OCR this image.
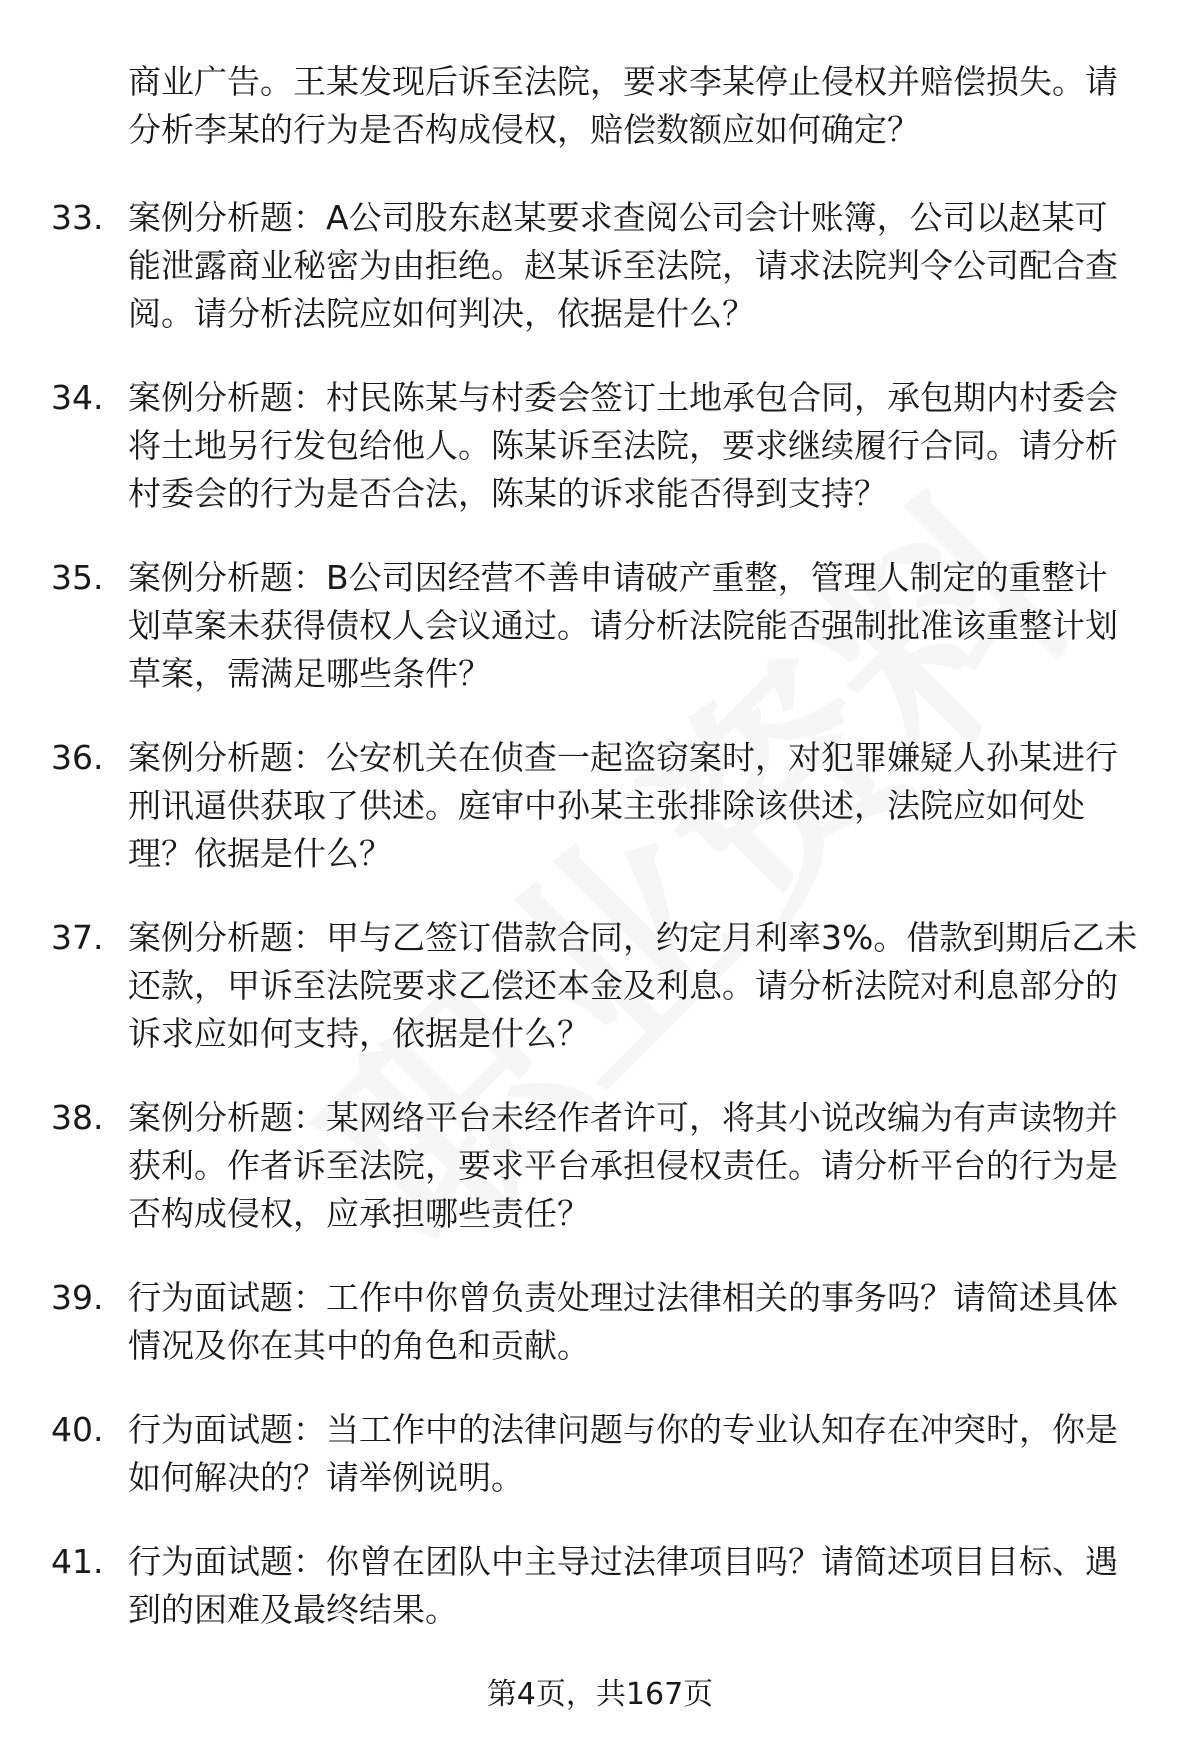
商业广告。王某发现后诉至法院，要求李某停止侵权并赔偿损失。请分析李某的行为是否构成侵权，赔偿数额应如何确定？
33. 案例分析题：A公司股东赵某要求查阅公司会计账簿，公司以赵某可能泄露商业秘密为由拒绝。赵某诉至法院，请求法院判令公司配合查阅。请分析法院应如何判决，依据是什么？
34. 案例分析题：村民陈某与村委会签订土地承包合同，承包期内村委会将土地另行发包给他人。陈某诉至法院，要求继续履行合同。请分析村委会的行为是否合法，陈某的诉求能否得到支持？
35. 案例分析题：B公司因经营不善申请破产重整，管理人制定的重整计划草案未获得债权人会议通过。请分析法院能否强制批准该重整计划草案，需满足哪些条件？
36. 案例分析题：公安机关在侦查一起盗窃案时，对犯罪嫌疑人孙某进行刑讯逼供获取了供述。庭审中孙某主张排除该供述，法院应如何处理？依据是什么？
37. 案例分析题：甲与乙签订借款合同，约定月利率3%。借款到期后乙未还款，甲诉至法院要求乙偿还本金及利息。请分析法院对利息部分的诉求应如何支持，依据是什么？
38. 案例分析题：某网络平台未经作者许可，将其小说改编为有声读物并获利。作者诉至法院，要求平台承担侵权责任。请分析平台的行为是否构成侵权，应承担哪些责任？
39. 行为面试题：工作中你曾负责处理过法律相关的事务吗？请简述具体情况及你在其中的角色和贡献。
40. 行为面试题：当工作中的法律问题与你的专业认知存在冲突时，你是如何解决的？请举例说明。
41. 行为面试题：你曾在团队中主导过法律项目吗？请简述项目目标、遇到的困难及最终结果。
第4页，共167页
